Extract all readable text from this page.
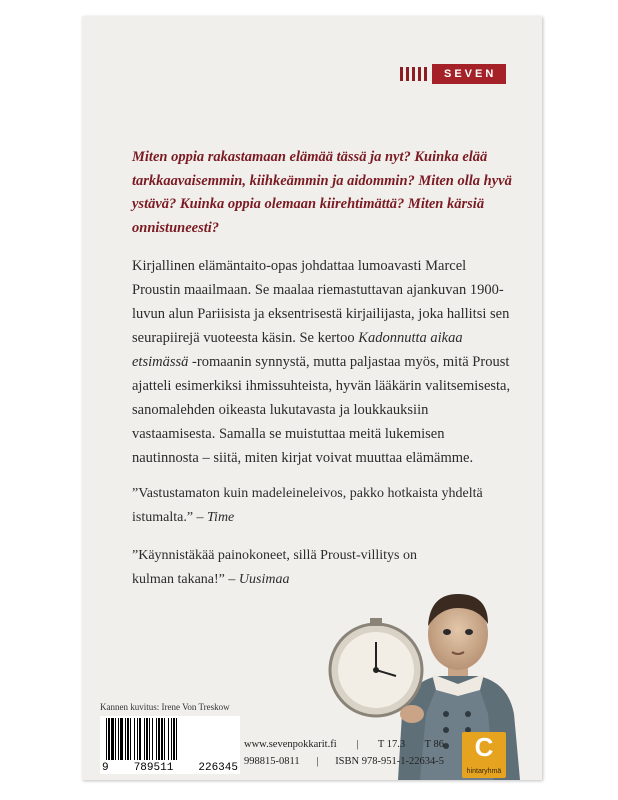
SEVEN

Miten oppia rakastamaan elämää tässä ja nyt? Kuinka elää tarkkaavaisemmin, kiihkeämmin ja aidommin? Miten olla hyvä ystävä? Kuinka oppia olemaan kiirehtimättä? Miten kärsiä onnistuneesti?

Kirjallinen elämäntaito-opas johdattaa lumoavasti Marcel Proustin maailmaan. Se maalaa riemastuttavan ajankuvan 1900-luvun alun Pariisista ja eksentrisestä kirjailijasta, joka hallitsi sen seurapiirejä vuoteesta käsin. Se kertoo Kadonnutta aikaa etsimässä -romaanin synnystä, mutta paljastaa myös, mitä Proust ajatteli esimerkiksi ihmissuhteista, hyvän lääkärin valitsemisesta, sanomalehden oikeasta lukutavasta ja loukkauksiin vastaamisesta. Samalla se muistuttaa meitä lukemisen nautinnosta – siitä, miten kirjat voivat muuttaa elämämme.

”Vastustamaton kuin madeleineleivos, pakko hotkaista yhdeltä istumalta.” – Time

”Käynnistäkää painokoneet, sillä Proust-villitys on kulman takana!” – Uusimaa

Kannen kuvitus: Irene Von Treskow

9 789511 226345
www.sevenpokkarit.fi | T 17.3 T 86
998815-0811 | ISBN 978-951-1-22634-5	C
hintaryhmä
